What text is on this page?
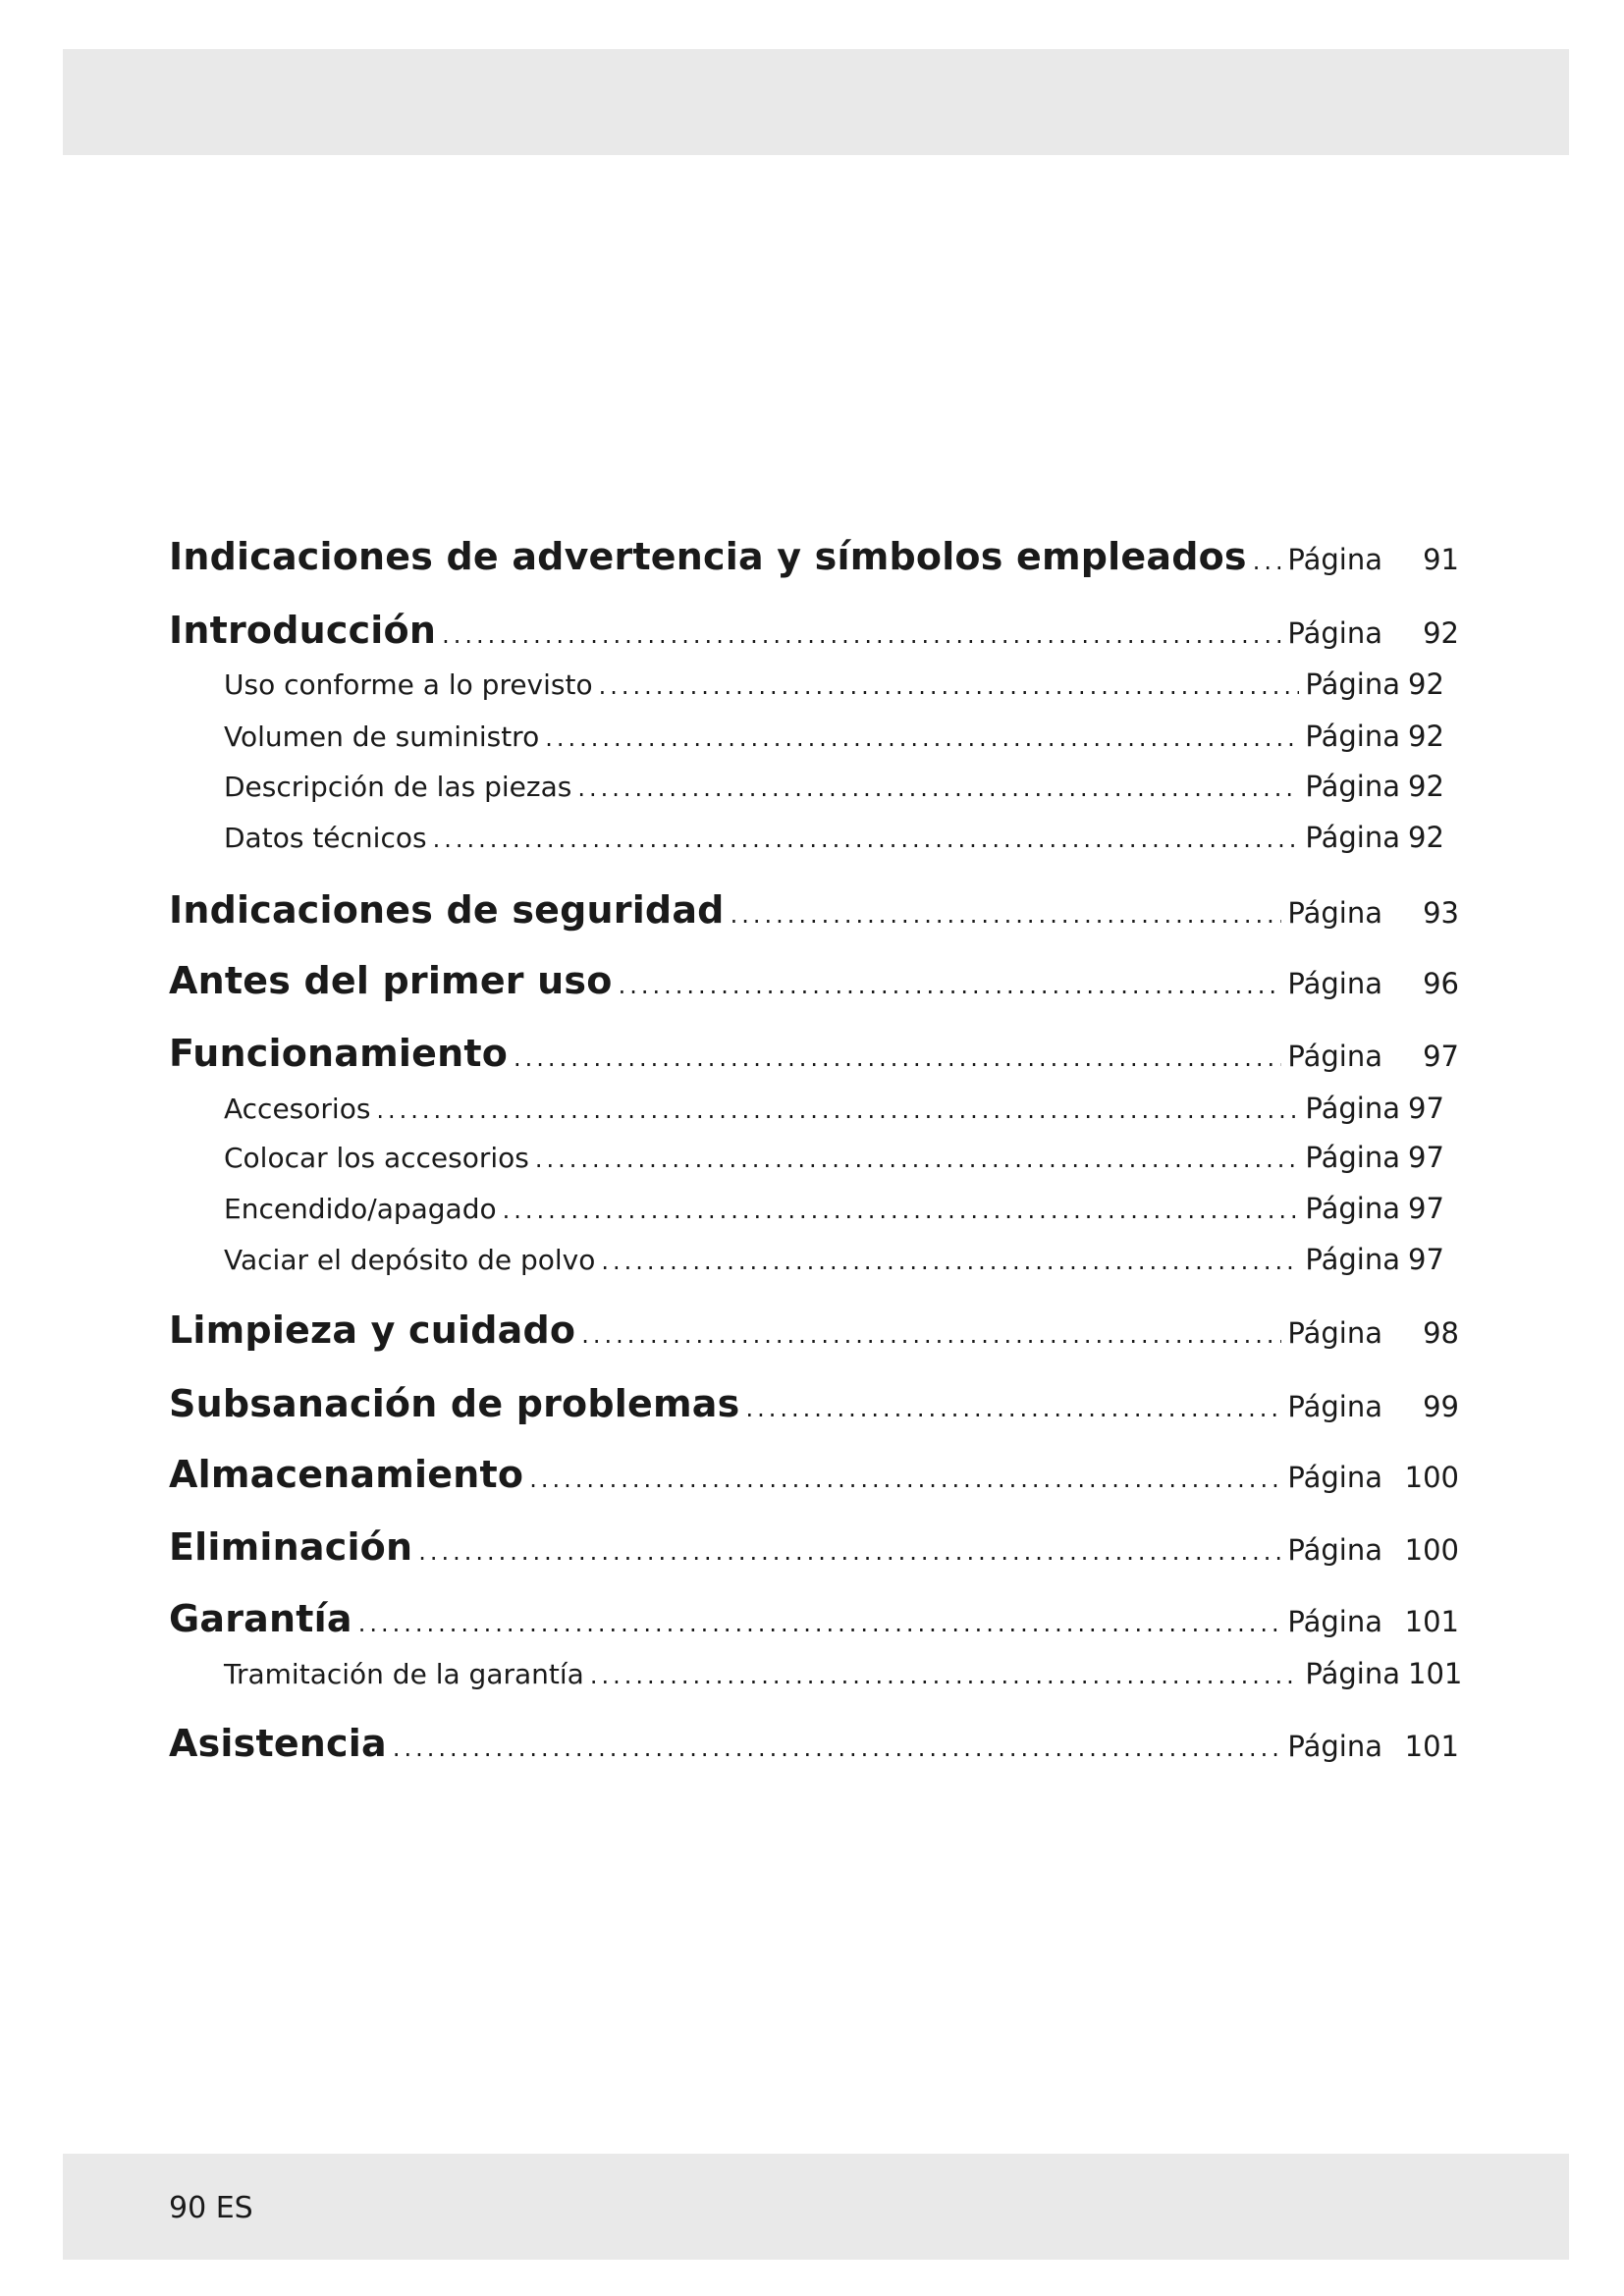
Indicaciones de advertencia y símbolos empleados ..... Página	91
Introducción .....	Página	92
Uso conforme a lo previsto .....	Página 92
Volumen de suministro .....	Página 92
Descripción de las piezas .....	Página 92
Datos técnicos .....	Página 92
Indicaciones de seguridad .....	Página	93
Antes del primer uso .....	Página	96
Funcionamiento .....	Página	97
Accesorios .....	Página 97
Colocar los accesorios .....	Página 97
Encendido/apagado .....	Página 97
Vaciar el depósito de polvo .....	Página 97
Limpieza y cuidado .....	Página	98
Subsanación de problemas .....	Página	99
Almacenamiento .....	Página 100
Eliminación .....	Página 100
Garantía .....	Página 101
Tramitación de la garantía .....	Página 101
Asistencia .....	Página 101
90 ES
